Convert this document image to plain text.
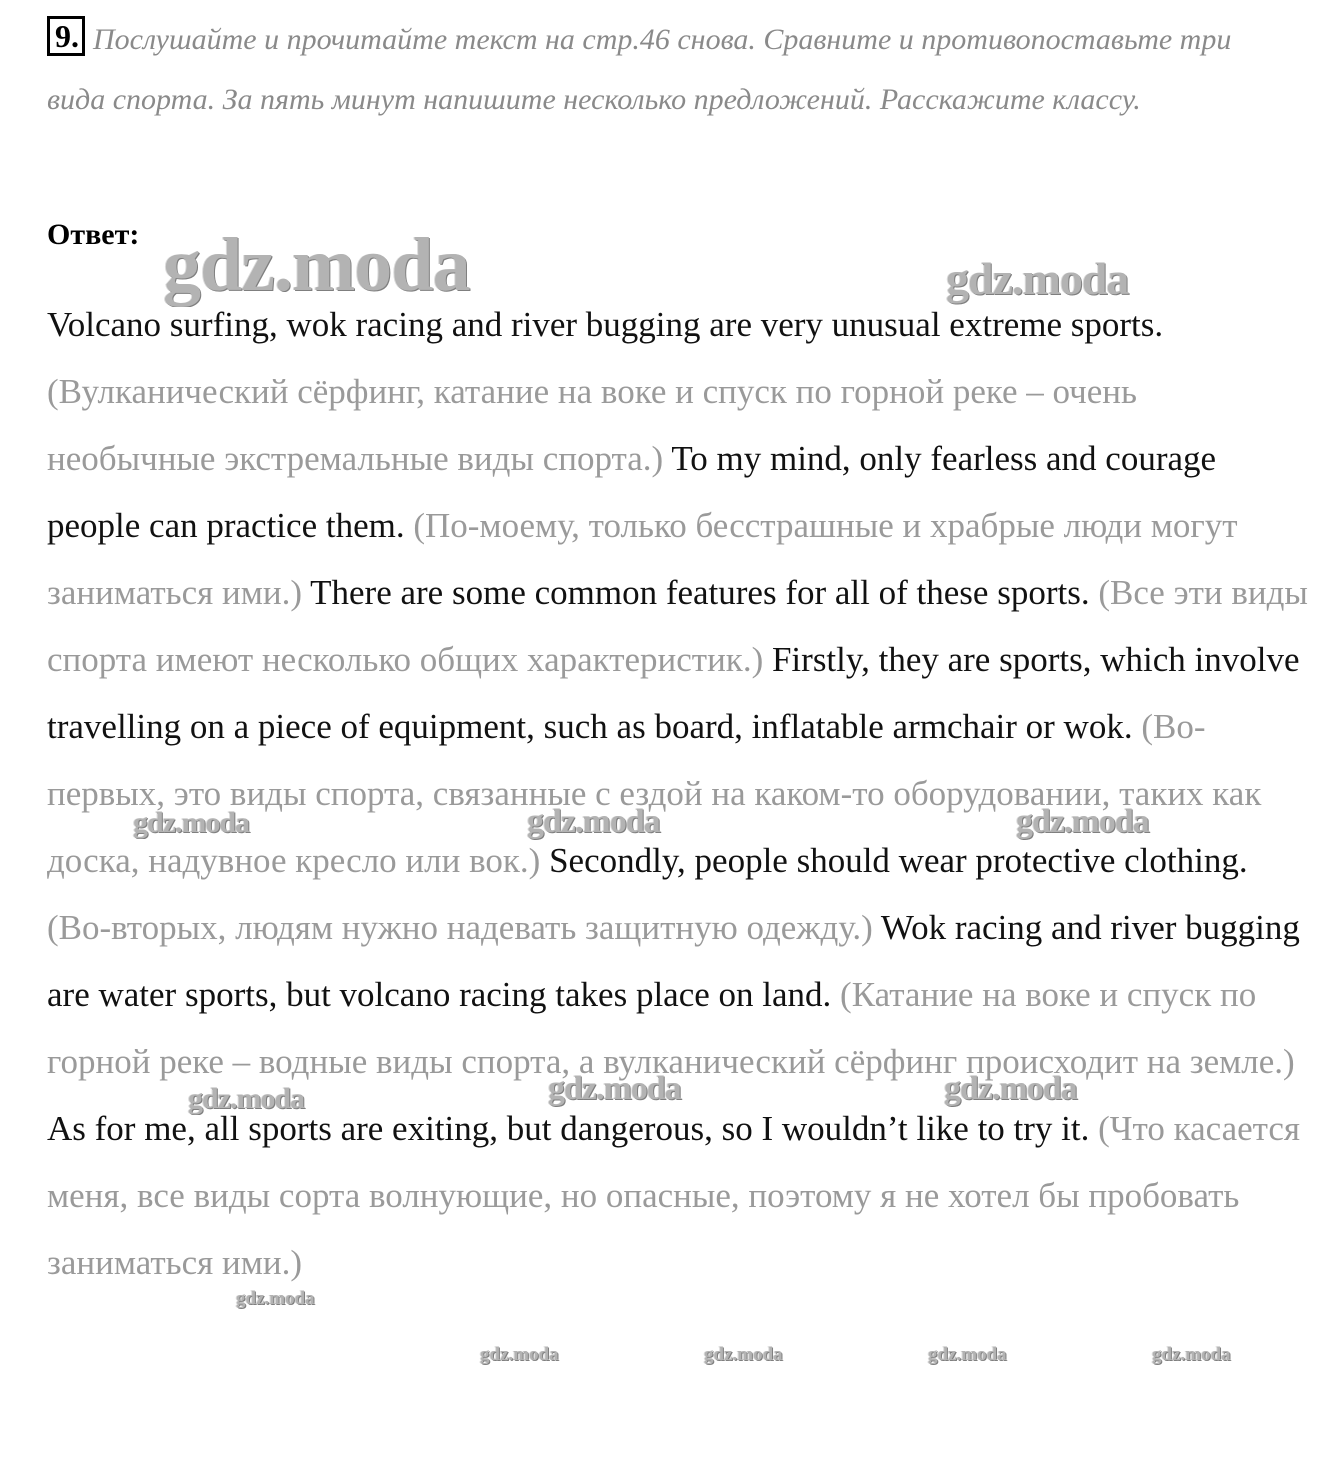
9. Послушайте и прочитайте текст на стр.46 снова. Сравните и противопоставьте три вида спорта. За пять минут напишите несколько предложений. Расскажите классу.

Ответ:

Volcano surfing, wok racing and river bugging are very unusual extreme sports. (Вулканический сёрфинг, катание на воке и спуск по горной реке – очень необычные экстремальные виды спорта.) To my mind, only fearless and courage people can practice them. (По-моему, только бесстрашные и храбрые люди могут заниматься ими.) There are some common features for all of these sports. (Все эти виды спорта имеют несколько общих характеристик.) Firstly, they are sports, which involve travelling on a piece of equipment, such as board, inflatable armchair or wok. (Во-первых, это виды спорта, связанные с ездой на каком-то оборудовании, таких как доска, надувное кресло или вок.) Secondly, people should wear protective clothing. (Во-вторых, людям нужно надевать защитную одежду.) Wok racing and river bugging are water sports, but volcano racing takes place on land. (Катание на воке и спуск по горной реке – водные виды спорта, а вулканический сёрфинг происходит на земле.) As for me, all sports are exiting, but dangerous, so I wouldn’t like to try it. (Что касается меня, все виды сорта волнующие, но опасные, поэтому я не хотел бы пробовать заниматься ими.)

gdz.moda	gdz.moda
gdz.moda	gdz.moda	gdz.moda
gdz.moda	gdz.moda	gdz.moda
gdz.moda
gdz.moda	gdz.moda	gdz.moda	gdz.moda
